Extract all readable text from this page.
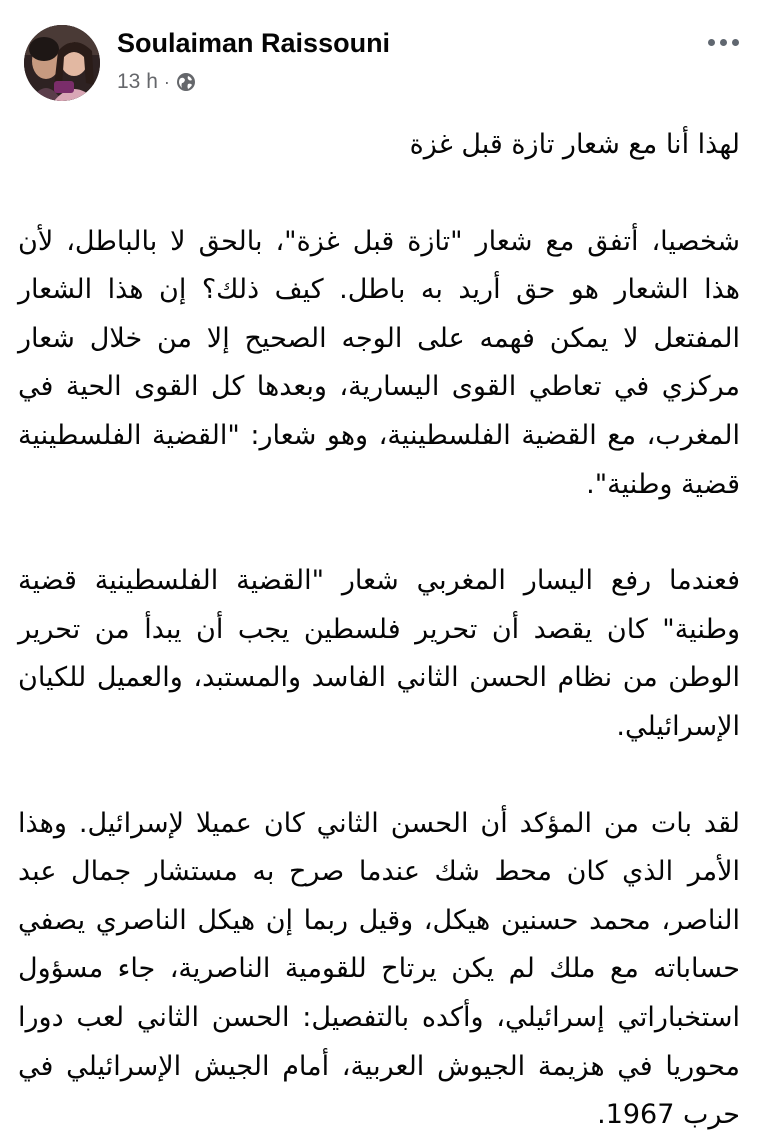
Soulaiman Raissouni
13 h ·

لهذا أنا مع شعار تازة قبل غزة

شخصيا، أتفق مع شعار "تازة قبل غزة"، بالحق لا بالباطل، لأن هذا الشعار هو حق أريد به باطل. كيف ذلك؟ إن هذا الشعار المفتعل لا يمكن فهمه على الوجه الصحيح إلا من خلال شعار مركزي في تعاطي القوى اليسارية، وبعدها كل القوى الحية في المغرب، مع القضية الفلسطينية، وهو شعار: "القضية الفلسطينية قضية وطنية".

فعندما رفع اليسار المغربي شعار "القضية الفلسطينية قضية وطنية" كان يقصد أن تحرير فلسطين يجب أن يبدأ من تحرير الوطن من نظام الحسن الثاني الفاسد والمستبد، والعميل للكيان الإسرائيلي.

لقد بات من المؤكد أن الحسن الثاني كان عميلا لإسرائيل. وهذا الأمر الذي كان محط شك عندما صرح به مستشار جمال عبد الناصر، محمد حسنين هيكل، وقيل ربما إن هيكل الناصري يصفي حساباته مع ملك لم يكن يرتاح للقومية الناصرية، جاء مسؤول استخباراتي إسرائيلي، وأكده بالتفصيل: الحسن الثاني لعب دورا محوريا في هزيمة الجيوش العربية، أمام الجيش الإسرائيلي في حرب 1967.
